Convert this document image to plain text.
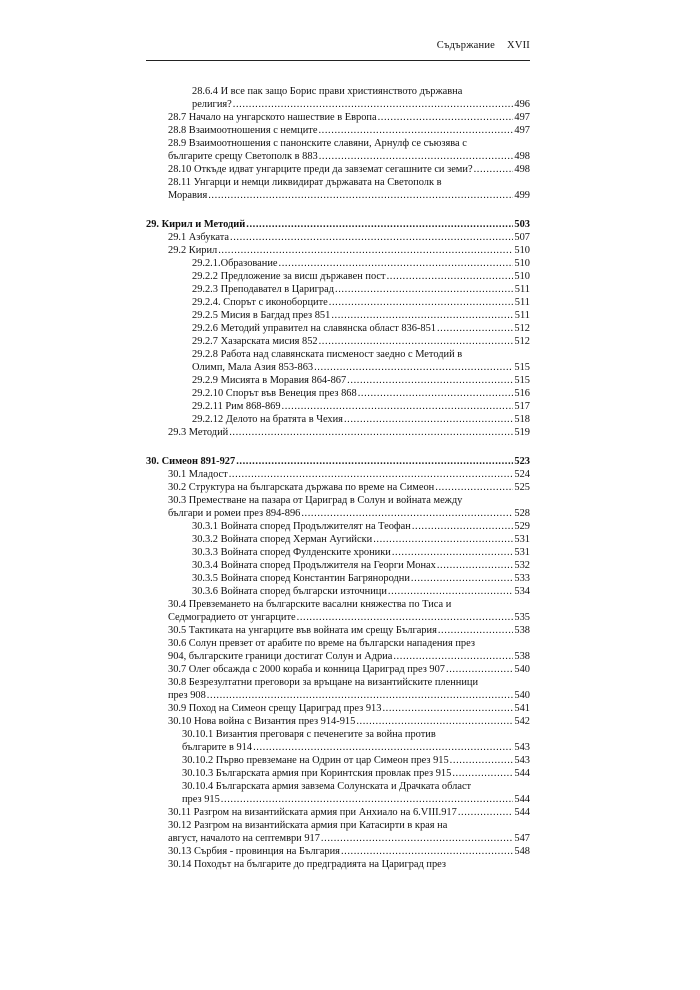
Съдържание XVII
28.6.4 И все пак защо Борис прави християнството държавна
религия? .....	496
28.7 Начало на унгарското нашествие в Европа .....	497
28.8 Взаимоотношения с немците .....	497
28.9 Взаимоотношения с панонските славяни, Арнулф се съюзява с
българите срещу Светополк в 883 .....	498
28.10 Откъде идват унгарците преди да завземат сегашните си земи? .....	498
28.11 Унгарци и немци ликвидират държавата на Светополк в
Моравия .....	499
29. Кирил и Методий .....	503
29.1 Азбуката .....	507
29.2 Кирил .....	510
29.2.1.Образование .....	510
29.2.2 Предложение за висш държавен пост .....	510
29.2.3 Преподавател в Цариград .....	511
29.2.4. Спорът с иконоборците .....	511
29.2.5 Мисия в Багдад през 851 .....	511
29.2.6 Методий управител на славянска област 836-851 .....	512
29.2.7 Хазарската мисия 852 .....	512
29.2.8 Работа над славянската писменост заедно с Методий в
Олимп, Мала Азия 853-863 .....	515
29.2.9 Мисията в Моравия 864-867 .....	515
29.2.10 Спорът във Венеция през 868 .....	516
29.2.11 Рим 868-869 .....	517
29.2.12 Делото на братята в Чехия .....	518
29.3 Методий .....	519
30. Симеон 891-927 .....	523
30.1 Младост .....	524
30.2 Структура на българската държава по време на Симеон .....	525
30.3 Преместване на пазара от Цариград в Солун и войната между
българи и ромеи през 894-896 .....	528
30.3.1 Войната според Продължителят на Теофан .....	529
30.3.2 Войната според Херман Аугийски .....	531
30.3.3 Войната според Фулденските хроники .....	531
30.3.4 Войната според Продължителя на Георги Монах .....	532
30.3.5 Войната според Константин Багрянородни .....	533
30.3.6 Войната според български източници .....	534
30.4 Превземането на българските васални княжества по Тиса и
Седмоградието от унгарците .....	535
30.5 Тактиката на унгарците във войната им срещу България .....	538
30.6 Солун превзет от арабите по време на български нападения през
904, българските граници достигат Солун и Адриа .....	538
30.7 Олег обсажда с 2000 кораба и конница Цариград през 907 .....	540
30.8 Безрезултатни преговори за връщане на византийските пленници
през 908 .....	540
30.9 Поход на Симеон срещу Цариград през 913 .....	541
30.10 Нова война с Византия през 914-915 .....	542
30.10.1 Византия преговаря с печенегите за война против
българите в 914 .....	543
30.10.2 Първо превземане на Одрин от цар Симеон през 915 .....	543
30.10.3 Българската армия при Коринтския провлак през 915 .....	544
30.10.4 Българската армия завзема Солунската и Драчката област
през 915 .....	544
30.11 Разгром на византийската армия при Анхиало на 6.VIII.917 .....	544
30.12 Разгром на византийската армия при Катасирти в края на
август, началото на септември 917 .....	547
30.13 Сърбия - провинция на България .....	548
30.14 Походът на българите до предградията на Цариград през
